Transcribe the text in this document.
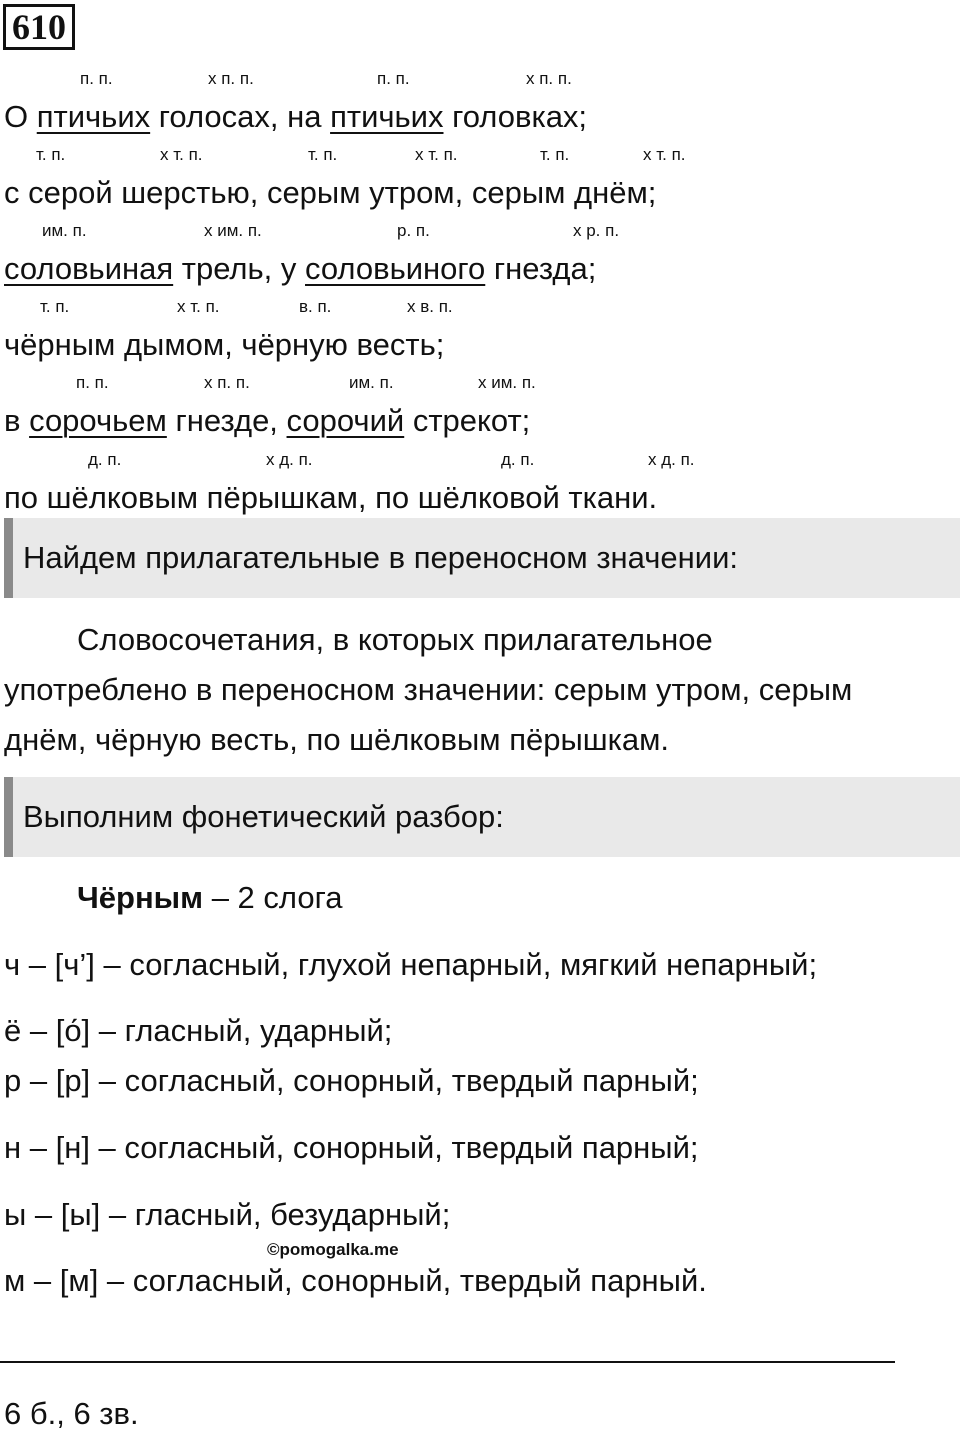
610
п. п.	х п. п.	п. п.	х п. п.
О птичьих голосах, на птичьих головках;
т. п.	х т. п.	т. п.	х т. п.	т. п.	х т. п.
с серой шерстью, серым утром, серым днём;
им. п.	х им. п.	р. п.	х р. п.
соловьиная трель, у соловьиного гнезда;
т. п.	х т. п.	в. п.	х в. п.
чёрным дымом, чёрную весть;
п. п.	х п. п.	им. п.	х им. п.
в сорочьем гнезде, сорочий стрекот;
д. п.	х д. п.	д. п.	х д. п.
по шёлковым пёрышкам, по шёлковой ткани.
Найдем прилагательные в переносном значении:
Словосочетания, в которых прилагательное
употреблено в переносном значении: серым утром, серым
днём, чёрную весть, по шёлковым пёрышкам.
Выполним фонетический разбор:
Чёрным – 2 слога
ч – [ч’] – согласный, глухой непарный, мягкий непарный;
ё – [о́] – гласный, ударный;
р – [р] – согласный, сонорный, твердый парный;
н – [н] – согласный, сонорный, твердый парный;
ы – [ы] – гласный, безударный;
©pomogalka.me
м – [м] – согласный, сонорный, твердый парный.
6 б., 6 зв.
